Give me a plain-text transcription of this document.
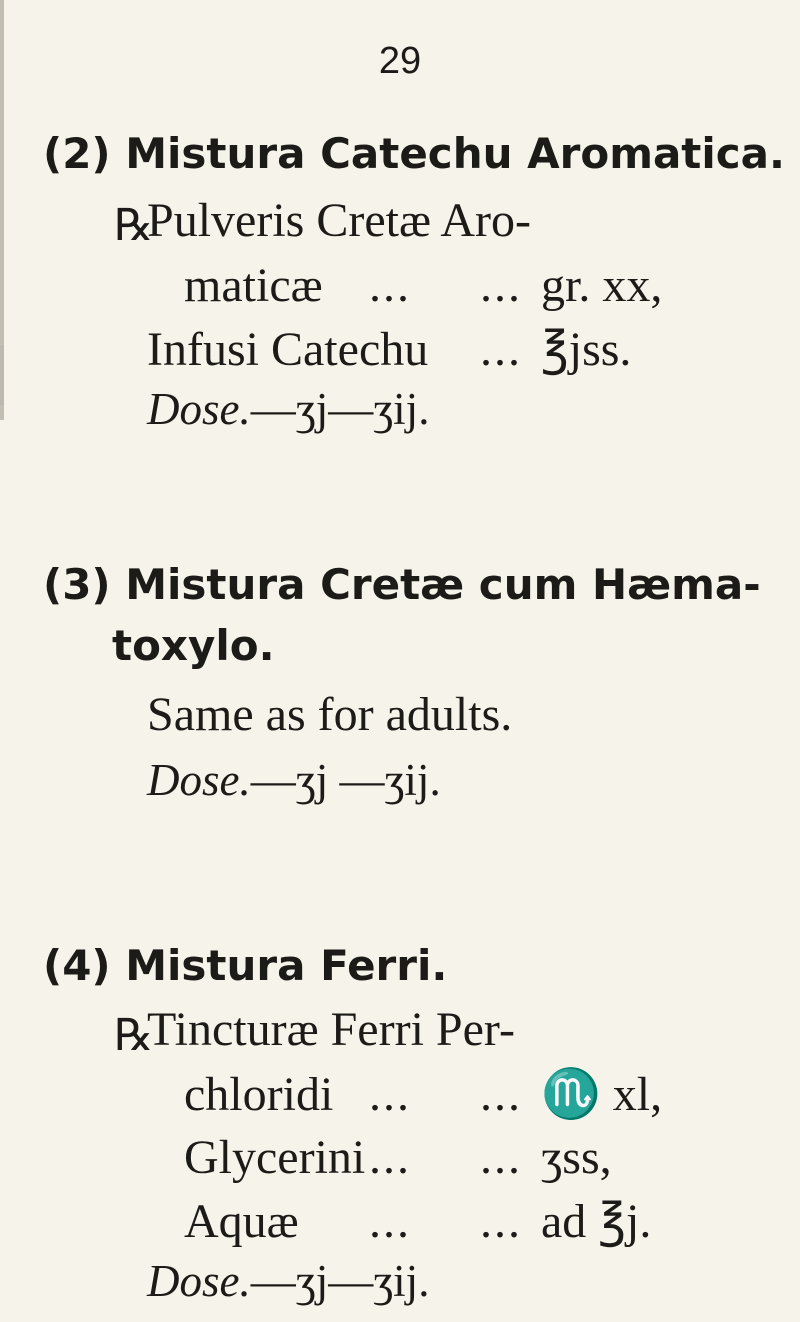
29
(2) Mistura Catechu Aromatica.
℞
Pulveris Cretæ Aro-
maticæ ... ... gr. xx,
Infusi Catechu ... ℥jss.
Dose.—ʒj—ʒij.
(3) Mistura Cretæ cum Hæma-
toxylo.
Same as for adults.
Dose.—ʒj —ʒij.
(4) Mistura Ferri.
℞
Tincturæ Ferri Per-
chloridi ... ... ♏ xl,
Glycerini ... ... ʒss,
Aquæ ... ... ad ℥j.
Dose.—ʒj—ʒij.
